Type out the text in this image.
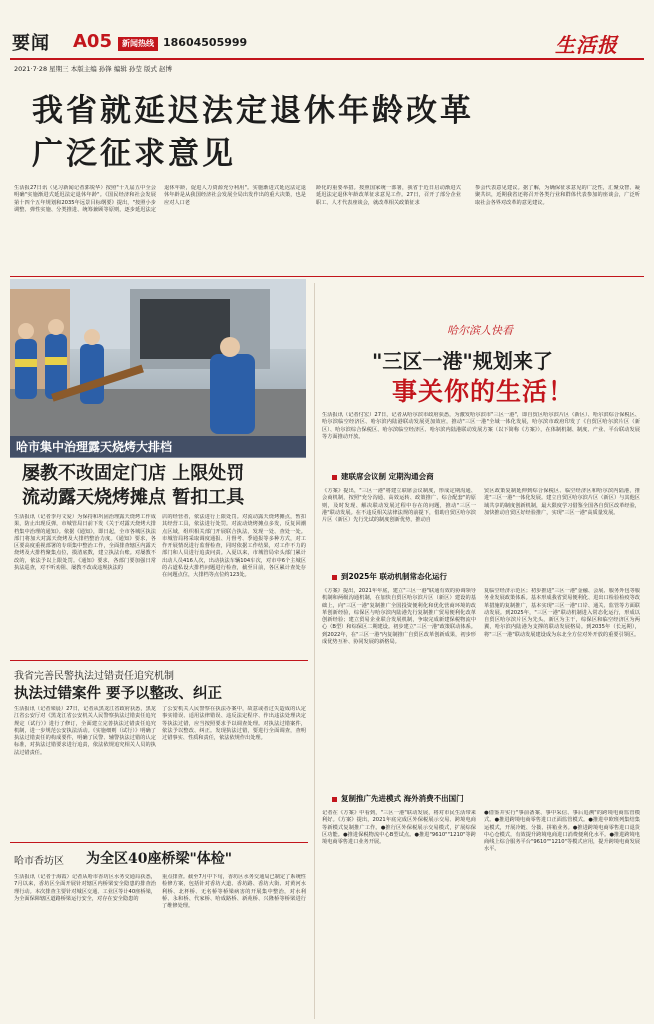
要闻 A05	新闻热线 18604505999	生活报
2021·7·28 星期三 本版主编 孙锋 编辑 孙莹 版式 赵博
我省就延迟法定退休年龄改革
广泛征求意见
生活报27日讯（见习新闻记者郭锐华）按照"十九届五中全会明确"实施渐进式延迟法定退休年龄"。《国民经济和社会发展第十四个五年规划和2035年远景目标纲要》提出，"按照小步调整、弹性实施、分类推进、统筹兼顾等原则，逐步延迟法定退休年龄，促进人力资源充分利用"。实施渐进式延迟法定退休年龄是从我国经济社会发展全局出发作出的重大决策，也是应对人口老
龄化的重要举措。按照国家统一部署，我省于近日启动渐进式延迟法定退休年龄改革征求意见工作。27日，召开了部分企业职工、人才代表座谈会，就改革相关政策征求
参会代表意见建议。据了解，为确保征求意见的广泛性，汇聚众智、凝聚共识，近期我省还将召开各类行业和群体代表参加的座谈会，广泛听取社会各界对改革的意见建议。
哈市集中治理露天烧烤大排档
屡教不改固定门店 上限处罚
流动露天烧烤摊点 暂扣工具
生活报讯（记者李丹文爱）为保持和巩固治理露天烧烤工作成果，防止出现反弹，市城管局日前下发《关于对露天烧烤大排档集中治理的通知》。依据《通知》，即日起，全市各城区执法部门将加大对露天烧烤及大排档整治力度。《通知》要求，各区要高度重视部署的专项集中整治工作，全面排查辖区内露天烧烤及大排档聚集点位，摸清底数，建立执法台账。对屡教不改的，依法予以上限处罚。《通知》要求，各部门要加强日常执法巡查，对不听劝阻、屡教不改或违规执法的
店的经营者，依法进行上限处罚。对流动露天烧烤摊点，暂扣其经营工具，依法进行处罚。对流动烧烤摊点多发，反复回潮点区域，组织相关部门开展联合执法，发现一处、查处一处。市城管局将采取调度通报、月督考、季通报等多种方式，对工作开展情况进行监督检查，同时依据工作结果，对工作不力的部门和人员进行追责问责。入夏以来，市城管局牵头部门累计出动人员416人次，出动执法车辆104车次，对市中6个主城区的占道私设大排档问题进行检查，截至目前，各区累计查处存在问题点位，大排档等点位约123处。
我省完善民警执法过错责任追究机制
执法过错案件 要予以整改、纠正
生活报讯（记者梁晨）27日，记者从黑龙江省政府获悉，黑龙江省公安厅对《黑龙江省公安机关人民警察执法过错责任追究规定（试行）》进行了修订，全面建立完善执法过错责任追究机制，进一步规范公安执法活动。《实施细则（试行）》明确了执法过错责任的构成要件，明确了民警、辅警执法过错的认定标准，对执法过错要求进行追责，依法依规追究相关人员的执法过错责任。
了公安机关人民警察在执法办案中，故意或者过失造成的认定事实错误、适用法律错误、违反法定程序、作出违法处理决定等执法过错，应当按照要求予以调查处理。对执法过错案件，依法予以整改、纠正。发现执法过错，要进行全面调查，查明过错事实、性质和责任，依法依规作出处理。
哈市香坊区 为全区40座桥梁"体检"
生活报讯（记者于海霞）记者从哈市香坊区水务交通局获悉，7月以来，香坊区全面开展针对辖区内桥梁安全隐患的排查治理行动。本次排查主要针对城区交通、工业区等计40座桥梁，为全面保障辖区道路桥梁运行安全，对存在安全隐患的
重点排查。截至7月中下旬，香坊区水务交通局已制定了系统性检修方案，包括针对香坊大道、香坊路、香坊大街、对黄河水利桥、北杯桥、无名桥等桥梁病害的开展集中整治，对水利桥、永和桥、代家桥、哈成路桥、新苑桥、兴隆桥等桥梁进行了维修处理。
哈尔滨人快看
"三区一港"规划来了
事关你的生活！
生活报讯（记者付宏）27日，记者从哈尔滨市政府获悉，为激发哈尔滨市"三区一港"，即自贸区哈尔滨片区（新区）、哈尔滨综合保税区、哈尔滨临空经济区、哈尔滨内陆港联动发展更加效应，推动"三区一港"全域一体化发展，哈尔滨市政府印发了《自贸区哈尔滨片区（新区）、哈尔滨综合保税区、哈尔滨临空经济区、哈尔滨内陆港联动发展方案（以下简称《方案》），在体制机制、制度、产业、平台联动发展等方面推动开放。
建联席会议制 定期沟通会商
《方案》提出，"三区一港"将建立联席会议制度，形成定期沟通、会商机制，按照"充分沟通、高效运转、政策推广、综合配套"的原则，及时发现、解决联动发展过程中存在的问题，推动"三区一港"联动发展。在不违反相关法律法规的前提下，借助自贸区哈尔滨片区（新区）先行先试的制度创新优势，推动自
贸区政策复制延伸到综合保税区、临空经济区和哈尔滨内陆港，推进"三区一港"一体化发展。建立自贸区哈尔滨片区（新区）与其他区域共享的制度创新机制，最大限度学习借鉴全国各自贸区改革经验，加快推动自贸区好经验推广，实现"三区一港"高质量发展。
到2025年 联动机制常态化运行
《方案》提出，2021年年底，建立"三区一港"联通有效的协调领导机制和两级沟通机制，在加快自贸区哈尔滨片区（新区）建设的基础上，向"三区一港"复制推广全国投资便利化和优化营商环境的改革创新经验，综保区与哈尔滨内陆港先行复制推广贸易便利化改革创新经验；建立贸易企业联合发展机制，争取完成新建保税物流中心（B型）和综保区二期建设。初步建立"三区一港"政策联动体系。到2022年，在"三区一港"内复制推广自贸区改革创新成果，初步形成优势互补、协同发展的新格局。
复临空经济示范区；初步推进"三区一港"金融、会展、服务外包等服务业发展政策体系。基本形成我省贸易便利化、进出口检验检疫等改革措施的复制推广，基本实现"三区一港"口岸、通关、监管等方面联动发展。到2025年，"三区一港"联动机制进入常态化运行，形成以自贸区哈尔滨片区为先头，新区为主干，综保区和临空经济区为两翼，哈尔滨内陆港为支撑的联动发展格局。到2035年（长远期），将"三区一港"联动发展建设成为东北全方位对外开放的重要引领区。
复制推广先进模式 海外消费不出国门
记者在《方案》中看到，"三区一港"联动发展，将对市民生活带来利好。《方案》提出，2021年底完成区外保税展示交易、跨境电商等新模式复制推广工作。●推行区外保税展示交易模式，扩展综保区功能。●推进保税物流中心B型试点。●推进"9610""1210"等跨境电商零售进口业务开展。
●借鉴并实行"事前备案、事中采信、事后追溯"的跨境电商监管模式。●推进跨境电商零售进口正面监管模式。●推进中欧班列集结集运模式，开展冷链、分拨、拼箱业务。●推进跨境电商零售进口退货中心仓模式，有效提升跨境电商进口消费便利化水平。●推进跨境电商线上综合服务平台"9610""1210"等模式应用，提升跨境电商发展水平。
